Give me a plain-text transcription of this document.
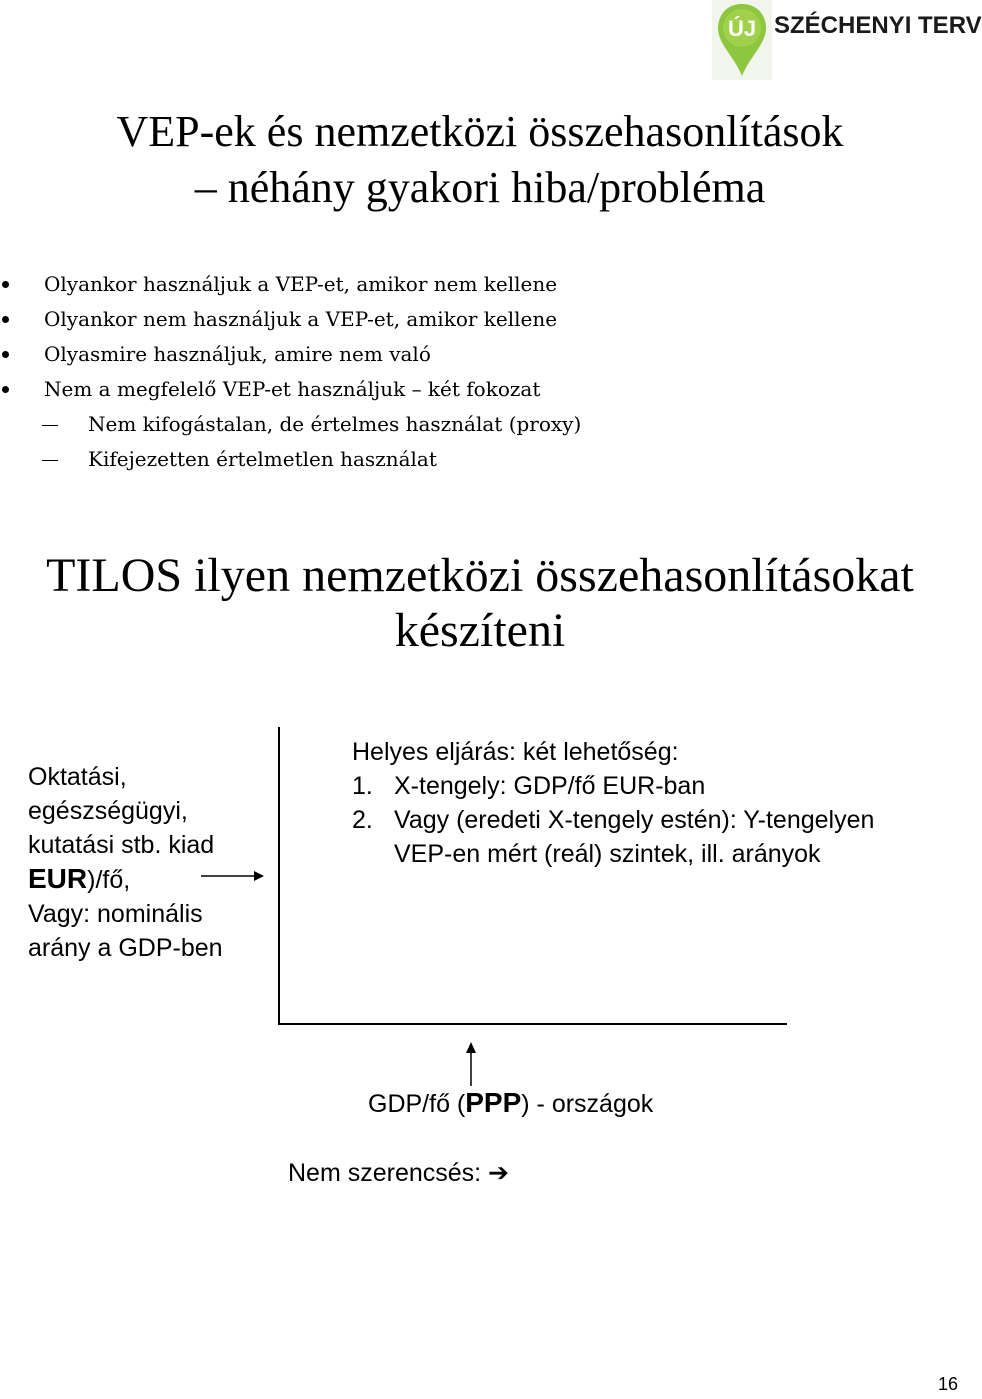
ÚJ SZÉCHENYI TERV
VEP-ek és nemzetközi összehasonlítások
– néhány gyakori hiba/probléma
Olyankor használjuk a VEP-et, amikor nem kellene
Olyankor nem használjuk a VEP-et, amikor kellene
Olyasmire használjuk, amire nem való
Nem a megfelelő VEP-et használjuk – két fokozat
Nem kifogástalan, de értelmes használat (proxy)
Kifejezetten értelmetlen használat
TILOS ilyen nemzetközi összehasonlításokat
készíteni
Oktatási,
egészségügyi,
kutatási stb. kiad
EUR)/fő,
Vagy: nominális
arány a GDP-ben
Helyes eljárás: két lehetőség:
1. X-tengely: GDP/fő EUR-ban
2. Vagy (eredeti X-tengely estén): Y-tengelyen
VEP-en mért (reál) szintek, ill. arányok
GDP/fő (PPP) - országok
Nem szerencsés: ➔
16
